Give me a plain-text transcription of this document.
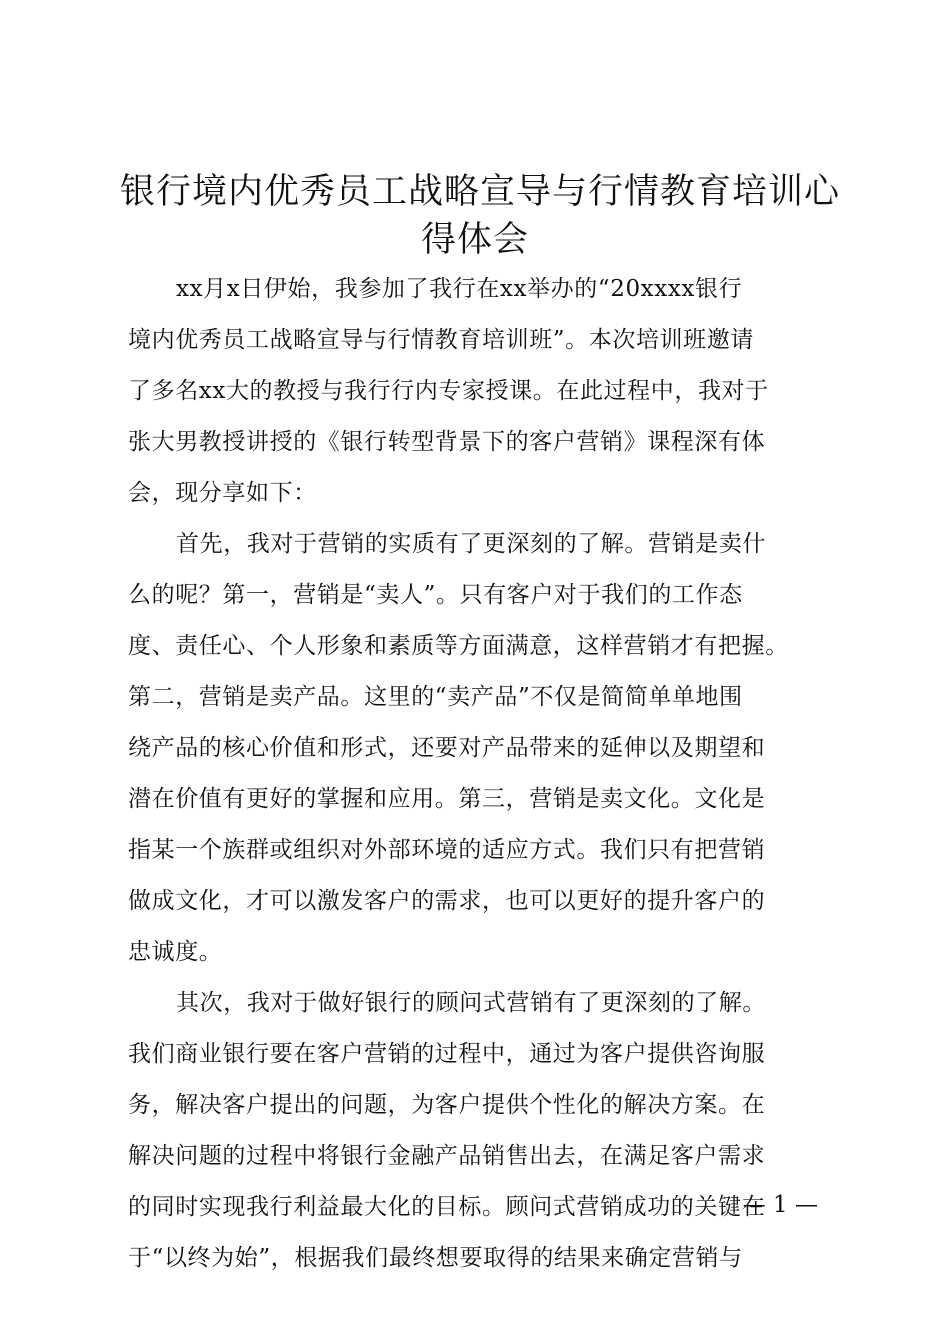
银行境内优秀员工战略宣导与行情教育培训心
得体会
xx月x日伊始，我参加了我行在xx举办的“20xxxx银行
境内优秀员工战略宣导与行情教育培训班”。本次培训班邀请
了多名xx大的教授与我行行内专家授课。在此过程中，我对于
张大男教授讲授的《银行转型背景下的客户营销》课程深有体
会，现分享如下：
首先，我对于营销的实质有了更深刻的了解。营销是卖什
么的呢？第一，营销是“卖人”。只有客户对于我们的工作态
度、责任心、个人形象和素质等方面满意，这样营销才有把握。
第二，营销是卖产品。这里的“卖产品”不仅是简简单单地围
绕产品的核心价值和形式，还要对产品带来的延伸以及期望和
潜在价值有更好的掌握和应用。第三，营销是卖文化。文化是
指某一个族群或组织对外部环境的适应方式。我们只有把营销
做成文化，才可以激发客户的需求，也可以更好的提升客户的
忠诚度。
其次，我对于做好银行的顾问式营销有了更深刻的了解。
我们商业银行要在客户营销的过程中，通过为客户提供咨询服
务，解决客户提出的问题，为客户提供个性化的解决方案。在
解决问题的过程中将银行金融产品销售出去，在满足客户需求
的同时实现我行利益最大化的目标。顾问式营销成功的关键在
于“以终为始”，根据我们最终想要取得的结果来确定营销与
— 1 —
